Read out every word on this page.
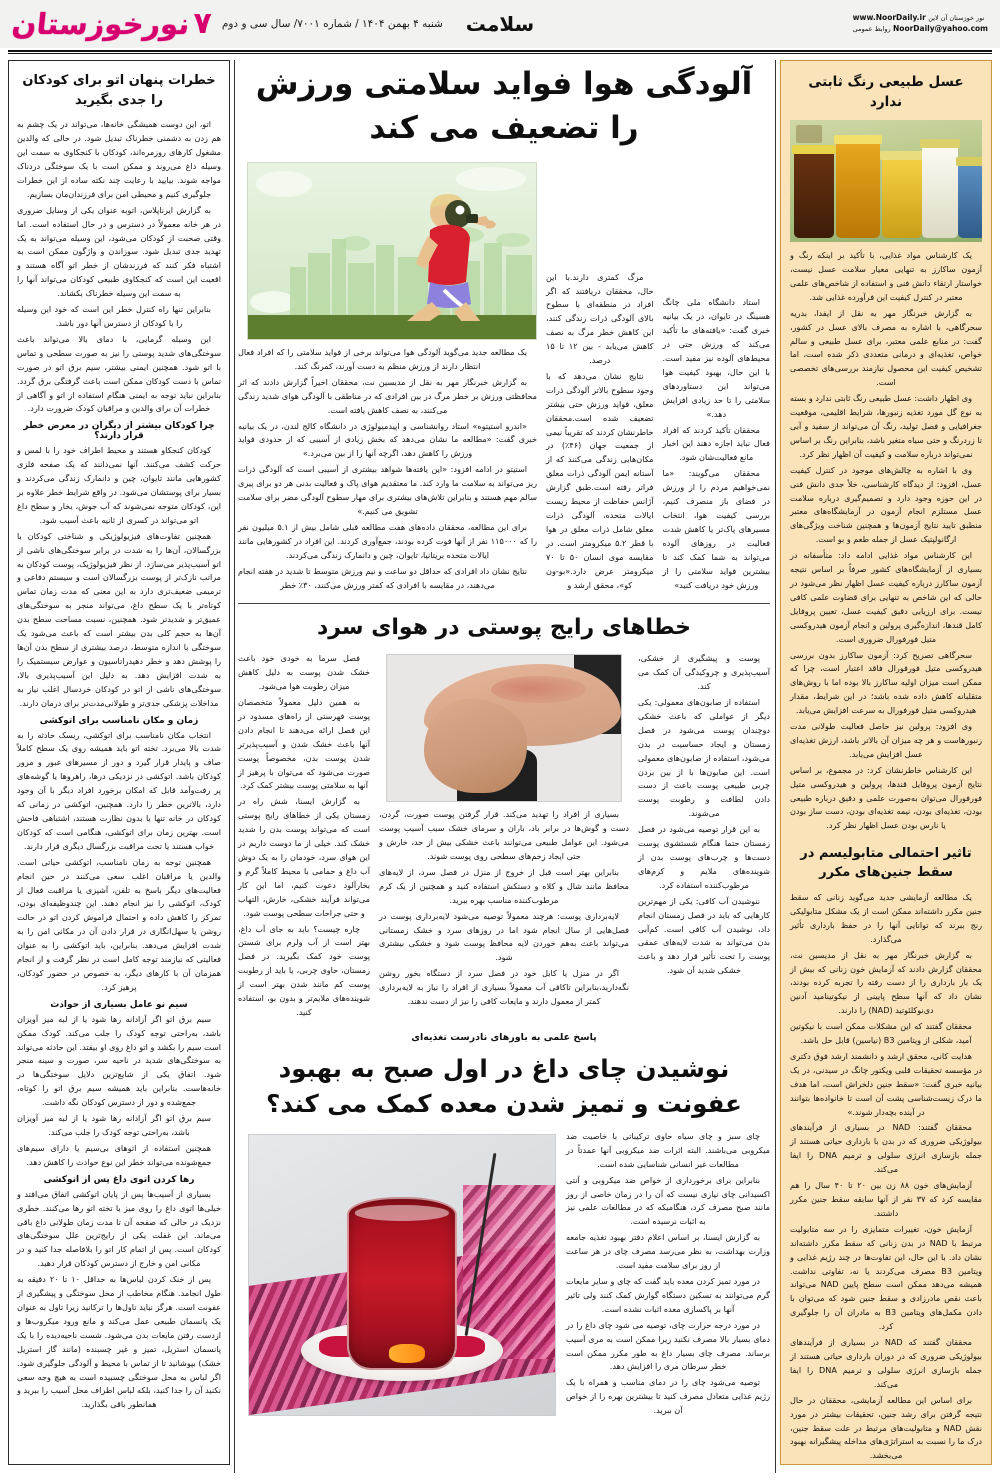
۷
نورخوزستان	شنبه ۴ بهمن ۱۴۰۴ / شماره ۷۰۰۱/ سال سی و دوم	سلامت	نور خوزستان آن لاین www.NoorDaily.ir
NoorDaily@yahoo.com روابط عمومی
عسل طبیعی رنگ ثابتی ندارد

یک کارشناس مواد غذایی، با تأکید بر اینکه رنگ و آزمون ساکارز به تنهایی معیار سلامت عسل نیست، خواستار ارتقاء دانش فنی و استفاده از شاخص‌های علمی معتبر در کنترل کیفیت این فرآورده غذایی شد.

به گزارش خبرنگار مهر به نقل از ایفدا، بدریه سحرگاهی، با اشاره به مصرف بالای عسل در کشور، گفت: در منابع علمی معتبر، برای عسل طبیعی و سالم خواص، تغذیه‌ای و درمانی متعددی ذکر شده است، اما تشخیص کیفیت این محصول نیازمند بررسی‌های تخصصی است.

وی اظهار داشت: عسل طبیعی رنگ ثابتی ندارد و بسته به نوع گل مورد تغذیه زنبورها، شرایط اقلیمی، موقعیت جغرافیایی و فصل تولید، رنگ آن می‌تواند از سفید و آبی تا زردرنگ و حتی سیاه متغیر باشد، بنابراین رنگ بر اساس نمی‌تواند درباره سلامت و کیفیت آن اظهار نظر کرد.

وی با اشاره به چالش‌های موجود در کنترل کیفیت عسل، افزود: از دیدگاه کارشناسی، خلأ جدی دانش فنی در این حوزه وجود دارد و تصمیم‌گیری درباره سلامت عسل مستلزم انجام آزمون در آزمایشگاه‌های معتبر منطبق تایید نتایج آزمون‌ها و همچنین شناخت ویژگی‌های ارگانولپتیک عسل از جمله طعم و بو است.

این کارشناس مواد غذایی ادامه داد: متأسفانه در بسیاری از آزمایشگاه‌های کشور صرفاً بر اساس نتیجه آزمون ساکارز درباره کیفیت عسل اظهار نظر می‌شود در حالی که این شاخص به تنهایی برای قضاوت علمی کافی نیست. برای ارزیابی دقیق کیفیت عسل، تعیین پروفایل کامل قندها، اندازه‌گیری پرولین و انجام آزمون هیدروکسی متیل فورفورال ضروری است.

سحرگاهی تصریح کرد: آزمون ساکارز بدون بررسی هیدروکسی متیل فورفورال فاقد اعتبار است، چرا که ممکن است میزان اولیه ساکارز بالا بوده اما با روش‌های متقلبانه کاهش داده شده باشد؛ در این شرایط، مقدار هیدروکسی متیل فورفورال به سرعت افزایش می‌یابد.

وی افزود: پرولین نیز حاصل فعالیت طولانی مدت زنبورهاست و هر چه میزان آن بالاتر باشد، ارزش تغذیه‌ای عسل افزایش می‌یابد.

این کارشناس خاطرنشان کرد: در مجموع، بر اساس نتایج آزمون پروفایل قندها، پرولین و هیدروکسی متیل فورفورال می‌توان به‌صورت علمی و دقیق درباره طبیعی بودن، تغذیه‌ای بودن، نیمه تغذیه‌ای بودن، دست ساز بودن یا نارس بودن عسل اظهار نظر کرد.

تاثیر احتمالی متابولیسم در سقط جنین‌های مکرر

یک مطالعه آزمایشی جدید می‌گوید زنانی که سقط جنین مکرر داشته‌اند ممکن است از یک مشکل متابولیکی رنج ببرند که توانایی آنها را در حفظ بارداری تأثیر می‌گذارد.

به گزارش خبرنگار مهر به نقل از مدیسین نت، محققان گزارش دادند که آزمایش خون زنانی که بیش از یک بار بارداری را از دست رفته را تجربه کرده بودند، نشان داد که آنها سطح پایینی از نیکوتینامید آدنین دی‌نوکلئوتید (NAD) را دارند.

محققان گفتند که این مشکلات ممکن است با نیکوتین آمید، شکلی از ویتامین B3 (نیاسین) قابل حل باشد.

هدایت کانی، محقق ارشد و دانشمند ارشد فوق دکتری در مؤسسه تحقیقات قلبی ویکتور چانگ در سیدنی، در یک بیانیه خبری گفت: «سقط جنین دلخراش است، اما هدف ما درک زیست‌شناسی پشت آن است تا خانواده‌ها بتوانند در آینده بچه‌دار شوند.»

محققان گفتند: NAD در بسیاری از فرآیندهای بیولوژیکی ضروری که در بدن با بارداری حیاتی هستند از جمله بازسازی انرژی سلولی و ترمیم DNA را ایفا می‌کند.

آزمایش‌های خون ۸۸ زن بین ۲۰ تا ۴۰ سال را هم مقایسه کرد که ۳۷ نفر از آنها سابقه سقط جنین مکرر داشتند.

آزمایش خون، تغییرات متمایزی را در سه متابولیت مرتبط با NAD در بدن زنانی که سقط مکرر داشته‌اند نشان داد. با این حال، این تفاوت‌ها در چند رژیم غذایی و ویتامین B3 مصرف می‌کردند یا نه، تفاوتی نداشت. همیشه می‌دهد ممکن است سطح پایین NAD می‌تواند باعث نقص مادرزادی و سقط جنین شود که می‌توان با دادن مکمل‌های ویتامین B3 به مادران آن را جلوگیری کرد.

محققان گفتند که NAD در بسیاری از فرآیندهای بیولوژیکی ضروری که در دوران بارداری حیاتی هستند از جمله بازسازی انرژی سلولی و ترمیم DNA را ایفا می‌کند.

برای اساس این مطالعه آزمایشی، محققان در حال نتیجه گرفتن برای رشد جنین، تحقیقات بیشتر در مورد نقش NAD و متابولیت‌های مرتبط در علت سقط جنین، درک ما را نسبت به استراتژی‌های مداخله پیشگیرانه بهبود می‌بخشد.

آلودگی هوا فواید سلامتی ورزش را تضعیف می کند

یک مطالعه جدید می‌گوید آلودگی هوا می‌تواند برخی از فواید سلامتی را که افراد فعال انتظار دارند از ورزش منظم به دست آورند، کمرنگ کند.

به گزارش خبرنگار مهر به نقل از مدیسین نت، محققان اخیراً گزارش دادند که اثر محافظتی ورزش بر خطر مرگ در بین افرادی که در مناطقی با آلودگی هوای شدید زندگی می‌کنند، به نصف کاهش یافته است.

«اندرو استیتوه» استاد روانشناسی و اپیدمیولوژی در دانشگاه کالج لندن، در یک بیانیه خبری گفت: «مطالعه ما نشان می‌دهد که بخش زیادی از آسیبی که از حدودی فواید ورزش را کاهش دهد، اگرچه آنها را از بین می‌برد.»

استیتو در ادامه افزود: «این یافته‌ها شواهد بیشتری از آسیبی است که آلودگی ذرات ریز می‌تواند به سلامت ما وارد کند. ما معتقدیم هوای پاک و فعالیت بدنی هر دو برای پیری سالم مهم هستند و بنابراین تلاش‌های بیشتری برای مهار سطوح آلودگی مضر برای سلامت تشویق می کنیم.»

برای این مطالعه، محققان داده‌های هفت مطالعه قبلی شامل بیش از ۵.۱ میلیون نفر را که ۱۱۵۰۰۰ نفر از آنها فوت کرده بودند، جمع‌آوری کردند. این افراد در کشورهایی مانند ایالات متحده بریتانیا، تایوان، چین و دانمارک زندگی می‌کردند.

نتایج نشان داد افرادی که حداقل دو ساعت و نیم ورزش متوسط تا شدید در هفته انجام می‌دهند، در مقایسه با افرادی که کمتر ورزش می‌کنند، ۳۰٪ خطر

مرگ کمتری دارند.با این حال، محققان دریافتند که اگر افراد در منطقه‌ای با سطوح بالای آلودگی ذرات زندگی کنند، این کاهش خطر مرگ به نصف کاهش می‌یابد - بین ۱۲ تا ۱۵ درصد.

نتایج نشان می‌دهد که با وجود سطوح بالاتر آلودگی ذرات معلق، فواید ورزش حتی بیشتر تضعیف شده است.محققان خاطرنشان کردند که تقریباً نیمی از جمعیت جهان (۴۶٪) در مکان‌هایی زندگی می‌کنند که از آستانه ایمن آلودگی ذرات معلق فراتر رفته است.طبق گزارش آژانس حفاظت از محیط زیست ایالات متحده، آلودگی ذرات معلق شامل ذرات معلق در هوا با قطر ۵.۲ میکرومتر است. در مقایسه موی انسان ۵۰ تا ۷۰ میکرومتر عرض دارد.«بو-ون کو»، محقق ارشد و

استاد دانشگاه ملی چانگ هسینگ در تایوان، در یک بیانیه خبری گفت: «یافته‌های ما تأکید می‌کند که ورزش حتی در محیط‌های آلوده نیز مفید است. با این حال، بهبود کیفیت هوا می‌تواند این دستاوردهای سلامتی را تا حد زیادی افزایش دهد.»

محققان تأکید کردند که افراد فعال نباید اجازه دهند این اخبار مانع فعالیت‌شان شود.

محققان می‌گویند: «ما نمی‌خواهیم مردم را از ورزش در فضای باز منصرف کنیم، بررسی کیفیت هوا، انتخاب مسیرهای پاک‌تر یا کاهش شدت فعالیت در روزهای آلوده می‌تواند به شما کمک کند تا بیشترین فواید سلامتی را از ورزش خود دریافت کنید»

خطاهای رایج پوستی در هوای سرد

فصل سرما به خودی خود باعث خشک شدن پوست به دلیل کاهش میزان رطوبت هوا می‌شود.

به همین دلیل معمولاً متخصصان پوست فهرستی از راه‌های مسدود در این فصل ارائه می‌دهند تا انجام دادن آنها باعث خشک شدن و آسیب‌پذیرتر شدن پوست بدن، مخصوصاً پوست صورت می‌شود که می‌توان با پرهیز از آنها به سلامتی پوست بیشتر کمک کرد.

به گزارش ایسنا، شش راه در زمستان یکی از خطاهای رایج پوستی است که می‌تواند پوست بدن را شدید خشک کند. خیلی از ما دوست داریم در این هوای سرد، خودمان را به یک دوش آب داغ و حمامی با محیط کاملاً گرم و بخارآلود دعوت کنیم، اما این کار می‌تواند فرآیند خشکی، خارش، التهاب و حتی جراحات سطحی پوست شود.

چاره چیست؟ باید به جای آب داغ، بهتر است از آب ولرم برای شستن پوست خود کمک بگیرید. در فصل زمستان، حاوی چربی، یا باید از رطوبت پوست کم مانند شدن بهتر است از شوینده‌های ملایم‌تر و بدون بو، استفاده کنید.

بسیاری از افراد را تهدید می‌کند. قرار گرفتن پوست صورت، گردن، دست و گوش‌ها در برابر باد، باران و سرمای خشک سبب آسیب پوست می‌شود. این عوامل طبیعی می‌توانند باعث خشکی بیش از حد، خارش و حتی ایجاد زخم‌های سطحی روی پوست شوند.

بنابراین بهتر است قبل از خروج از منزل در فصل سرد، از لایه‌های محافظ مانند شال و کلاه و دستکش استفاده کنید و همچنین از یک کرم مرطوب‌کننده مناسب بهره ببرید.

لایه‌برداری پوست: هرچند معمولاً توصیه می‌شود لایه‌برداری پوست در فصل‌هایی از سال انجام شود اما در روزهای سرد و خشک زمستانی می‌تواند باعث به‌هم خوردن لایه محافظ پوست شود و خشکی بیشتری شود.

اگر در منزل یا کابل خود در فصل سرد از دستگاه بخور روشن نگه‌دارید،بنابراین تاکافی آب معمولاً بسیاری از افراد را نیاز به لایه‌برداری کمتر از معمول دارند و مایعات کافی را نیز از دست ندهند.

پوست و پیشگیری از خشکی، آسیب‌پذیری و چروکیدگی آن کمک می کند.

استفاده از صابون‌های معمولی: یکی دیگر از عواملی که باعث خشکی دوچندان پوست می‌شود در فصل زمستان و ایجاد حساسیت در بدن می‌شود، استفاده از صابون‌های معمولی است. این صابون‌ها با از بین بردن چربی طبیعی پوست باعث از دست دادن لطافت و رطوبت پوست می‌شوند.

به این قرار توصیه می‌شود در فصل زمستان حتما هنگام شستشوی پوست دست‌ها و چرب‌های پوست بدن از شوینده‌های ملایم و کرم‌های مرطوب‌کننده استفاده کرد.

ننوشیدن آب کافی: یکی از مهم‌ترین کارهایی که باید در فصل زمستان انجام داد، نوشیدن آب کافی است. کم‌آبی بدن می‌تواند به شدت لایه‌های عمقی پوست را تحت تأثیر قرار دهد و باعث خشکی شدید آن شود.

پاسخ علمی به باورهای نادرست تغذیه‌ای
نوشیدن چای داغ در اول صبح به بهبود عفونت و تمیز شدن معده کمک می کند؟

چای سبز و چای سیاه حاوی ترکیباتی با خاصیت ضد میکروبی می‌باشند. البته اثرات ضد میکروبی آنها عمدتاً در مطالعات غیر انسانی شناسایی شده است.

بنابراین برای برخورداری از خواص ضد میکروبی و آنتی اکسیدانی چای نیازی نیست که آن را در زمان خاصی از روز مانند صبح مصرف کرد، هنگامیکه که در مطالعات علمی نیز به اثبات نرسیده است.

به گزارش ایسنا، بر اساس اعلام دفتر بهبود تغذیه جامعه وزارت بهداشت، به نظر می‌رسد مصرف چای در هر ساعت از روز برای سلامت مفید است.

در مورد تمیز کردن معده باید گفت که چای و سایر مایعات گرم می‌توانند به تسکین دستگاه گوارش کمک کنند ولی تاثیر آنها بر پاکسازی معده اثبات نشده است.

در مورد درجه حرارت چای، توصیه می شود چای داغ را در دمای بسیار بالا مصرف نکنید زیرا ممکن است به مری آسیب برساند. مصرف چای بسیار داغ به طور مکرر ممکن است خطر سرطان مری را افزایش دهد.

توصیه می‌شود چای را در دمای مناسب و همراه با یک رژیم غذایی متعادل مصرف کنید تا بیشترین بهره را از خواص آن ببرید.

خطرات پنهان اتو برای کودکان را جدی بگیرید

اتو، این دوست همیشگی خانه‌ها، می‌تواند در یک چشم به هم زدن به دشمنی خطرناک تبدیل شود. در حالی که والدین مشغول کارهای روزمره‌اند، کودکان با کنجکاوی به سمت این وسیله داغ می‌روند و ممکن است با یک سوختگی دردناک مواجه شوند. بیایید با رعایت چند نکته ساده از این خطرات جلوگیری کنیم و محیطی امن برای فرزندان‌مان بسازیم.

به گزارش ایرناپلاس، اتوبه عنوان یکی از وسایل ضروری در هر خانه معمولاً در دسترس و در حال استفاده است. اما وقتی صحبت از کودکان می‌شود، این وسیله می‌تواند به یک تهدید جدی تبدیل شود. سوزاندن و واژگون ممکن است به اشتباه فکر کنند که فرزندشان از خطر اتو آگاه هستند و اقعیت این است که کنجکاوی طبیعی کودکان می‌تواند آنها را به سمت این وسیله خطرناک بکشاند.

بنابراین تنها راه کنترل خطر این است که خود این وسیله را با کودکان از دسترس آنها دور باشد.

این وسیله گرمایی، با دمای بالا می‌تواند باعث سوختگی‌های شدید پوستی را نیز به صورت سطحی و تماس با اتو شود. همچنین ایمنی بیشتر، سیم برق اتو در صورت تماس با دست کودکان ممکن است باعث گرفتگی برق گردد. بنابراین نباید توجه به ایمنی هنگام استفاده از اتو و آگاهی از خطرات آن برای والدین و مراقبان کودک ضرورت دارد.

چرا کودکان بیشتر از دیگران در معرض خطر قرار دارند؟

کودکان کنجکاو هستند و محیط اطراف خود را با لمس و حرکت کشف می‌کنند. آنها نمی‌دانند که یک صفحه فلزی کشورهایی مانند تایوان، چین و دانمارک زندگی می‌کردند و بسیار برای پوستشان می‌شود. در واقع شرایط خطر علاوه بر این، کودکان متوجه نمی‌شوند که آب جوش، بخار و سطح داغ اتو می‌تواند در کسری از ثانیه باعث آسیب شود.

همچنین تفاوت‌های فیزیولوژیکی و شناختی کودکان با بزرگسالان، آن‌ها را به شدت در برابر سوختگی‌های ناشی از اتو آسیب‌پذیر می‌سازد. از نظر فیزیولوژیک، پوست کودکان به مراتب نازک‌تر از پوست بزرگسالان است و سیستم دفاعی و ترمیمی ضعیف‌تری دارد به این معنی که مدت زمان تماس کوتاه‌تر با یک سطح داغ، می‌تواند منجر به سوختگی‌های عمیق‌تر و شدیدتر شود. همچنین، نسبت مساحت سطح بدن آن‌ها به حجم کلی بدن بیشتر است که باعث می‌شود یک سوختگی با اندازه متوسط، درصد بیشتری از سطح بدن آن‌ها را پوشش دهد و خطر دهیدراتاسیون و عوارض سیستمیک را به شدت افزایش دهد. به دلیل این آسیب‌پذیری بالا، سوختگی‌های ناشی از اتو در کودکان خردسال اغلب نیاز به مداخلات پزشکی جدی‌تر و طولانی‌مدت‌تر برای درمان دارند.

زمان و مکان نامناسب برای اتوکشی

انتخاب مکان نامناسب برای اتوکشی، ریسک حادثه را به شدت بالا می‌برد. تخته اتو باید همیشه روی یک سطح کاملاً صاف و پایدار قرار گیرد و دور از مسیرهای عبور و مرور کودکان باشد. اتوکشی در نزدیکی درها، راهروها یا گوشه‌های پر رفت‌وآمد قابل که امکان برخورد افراد دیگر با آن وجود دارد، بالاترین خطر را دارد. همچنین، اتوکشی در زمانی که کودکان در خانه تنها یا بدون نظارت هستند، اشتباهی فاحش است. بهترین زمان برای اتوکشی، هنگامی است که کودکان خواب هستند یا تحت مراقبت بزرگسال دیگری قرار دارند.

همچنین توجه به زمان نامناسب، اتوکشی حیاتی است. والدین یا مراقبان اغلب سعی می‌کنند در حین انجام فعالیت‌های دیگر باسخ به تلفن، آشپزی یا مراقبت فعال از کودک، اتوکشی را نیز انجام دهند. این چندوظیفه‌ای بودن، تمرکز را کاهش داده و احتمال فراموش کردن اتو در حالت روشن یا سهل‌انگاری در قرار دادن آن در مکانی امن را به شدت افزایش می‌دهد. بنابراین، باید اتوکشی را به عنوان فعالیتی که نیازمند توجه کامل است در نظر گرفت و از انجام همزمان آن با کارهای دیگر، به خصوص در حضور کودکان، پرهیز کرد.

سیم نو عامل بسیاری از حوادث

سیم برق اتو اگر آزادانه رها شود یا از لبه میز آویزان باشد، به‌راحتی توجه کودک را جلب می‌کند. کودک ممکن است سیم را بکشد و اتو داغ روی او بیفتد. این حادثه می‌تواند به سوختگی‌های شدید در ناحیه سر، صورت و سینه منجر شود. اتفاق یکی از شایع‌ترین دلایل سوختگی‌ها در خانه‌هاست. بنابراین باید همیشه سیم برق اتو را کوتاه، جمع‌شده و دور از دسترس کودکان نگه داشت.

سیم برق اتو اگر آزادانه رها شود یا از لبه میز آویزان باشد، به‌راحتی توجه کودک را جلب می‌کند.

همچنین استفاده از اتوهای بی‌سیم یا دارای سیم‌های جمع‌شونده می‌تواند خطر این نوع حوادث را کاهش دهد.

رها کردن اتوی داغ پس از اتوکشی

بسیاری از آسیب‌ها پس از پایان اتوکشی اتفاق می‌افتد و خیلی‌ها اتوی داغ را روی میز یا تخته اتو رها می‌کنند. خطری نزدیک در حالی که صفحه آن تا مدت زمان طولانی داغ باقی می‌ماند. این غفلت یکی از رایج‌ترین علل سوختگی‌های کودکان است. پس از اتمام کار اتو را بلافاصله جدا کنید و در مکانی امن و خارج از دسترس کودکان قرار دهید.

پس از خنک کردن لباس‌ها به حداقل ۱۰ تا ۲۰ دقیقه به طول انجامد. هنگام مخاطب از محل سوختگی و پیشگیری از عفونت است. هرگز نباید تاول‌ها را ترکانید زیرا تاول به عنوان یک پانسمان طبیعی عمل می‌کند و مانع ورود میکروب‌ها و ازدست رفتن مایعات بدن می‌شود. شست ناحیه‌دیده را با یک پانسمان استریل، تمیز و غیر چسبنده (مانند گاز استریل خشک) بپوشانید تا از تماس با محیط و آلودگی جلوگیری شود. اگر لباس به محل سوختگی چسبیده است به هیچ وجه سعی نکنید آن را جدا کنید، بلکه لباس اطراف محل آسیب را ببرید و همانطور باقی بگذارید.
